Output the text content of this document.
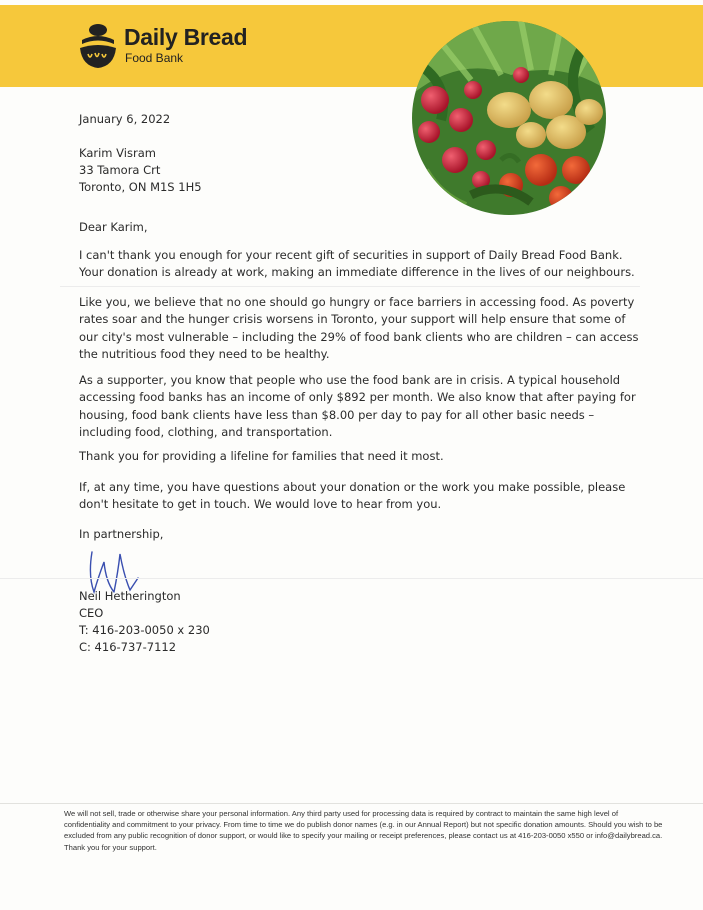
Daily Bread
Food Bank
January 6, 2022
Karim Visram
33 Tamora Crt
Toronto, ON M1S 1H5
Dear Karim,
I can't thank you enough for your recent gift of securities in support of Daily Bread Food Bank. Your donation is already at work, making an immediate difference in the lives of our neighbours.
Like you, we believe that no one should go hungry or face barriers in accessing food. As poverty rates soar and the hunger crisis worsens in Toronto, your support will help ensure that some of our city's most vulnerable – including the 29% of food bank clients who are children – can access the nutritious food they need to be healthy.
As a supporter, you know that people who use the food bank are in crisis. A typical household accessing food banks has an income of only $892 per month. We also know that after paying for housing, food bank clients have less than $8.00 per day to pay for all other basic needs – including food, clothing, and transportation.
Thank you for providing a lifeline for families that need it most.
If, at any time, you have questions about your donation or the work you make possible, please don't hesitate to get in touch. We would love to hear from you.
In partnership,
Neil Hetherington
CEO
T: 416-203-0050 x 230
C: 416-737-7112
We will not sell, trade or otherwise share your personal information. Any third party used for processing data is required by contract to maintain the same high level of confidentiality and commitment to your privacy. From time to time we do publish donor names (e.g. in our Annual Report) but not specific donation amounts. Should you wish to be excluded from any public recognition of donor support, or would like to specify your mailing or receipt preferences, please contact us at 416-203-0050 x550 or info@dailybread.ca. Thank you for your support.
